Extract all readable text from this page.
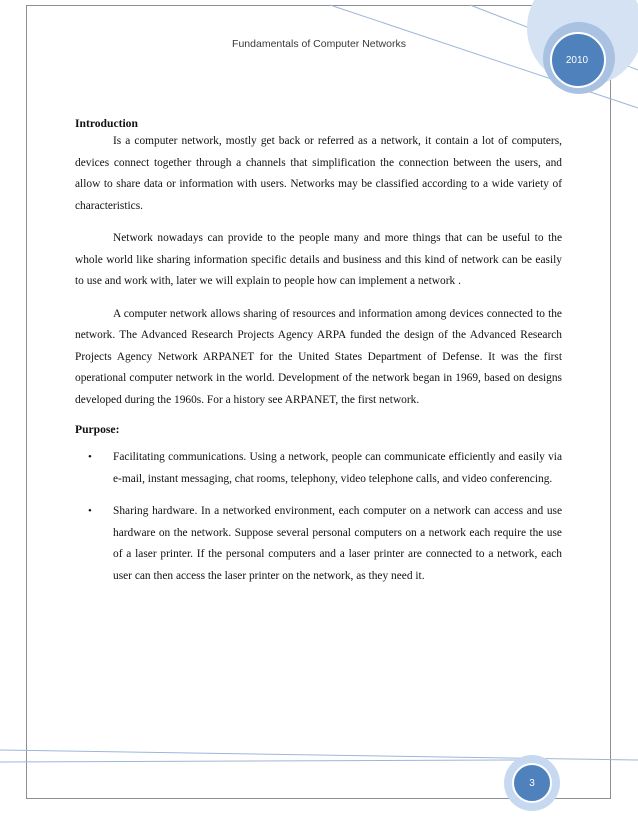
Fundamentals of Computer Networks
2010
Introduction

Is a computer network, mostly get back or referred as a network, it contain a lot of computers, devices connect together through a channels that simplification the connection between the users, and allow to share data or information with users. Networks may be classified according to a wide variety of characteristics.

Network nowadays can provide to the people many and more things that can be useful to the whole world like sharing information specific details and business and this kind of network can be easily to use and work with, later we will explain to people how can implement a network .

A computer network allows sharing of resources and information among devices connected to the network. The Advanced Research Projects Agency ARPA funded the design of the Advanced Research Projects Agency Network ARPANET for the United States Department of Defense. It was the first operational computer network in the world. Development of the network began in 1969, based on designs developed during the 1960s. For a history see ARPANET, the first network.

Purpose:
• Facilitating communications. Using a network, people can communicate efficiently and easily via e-mail, instant messaging, chat rooms, telephony, video telephone calls, and video conferencing.
• Sharing hardware. In a networked environment, each computer on a network can access and use hardware on the network. Suppose several personal computers on a network each require the use of a laser printer. If the personal computers and a laser printer are connected to a network, each user can then access the laser printer on the network, as they need it.
3
